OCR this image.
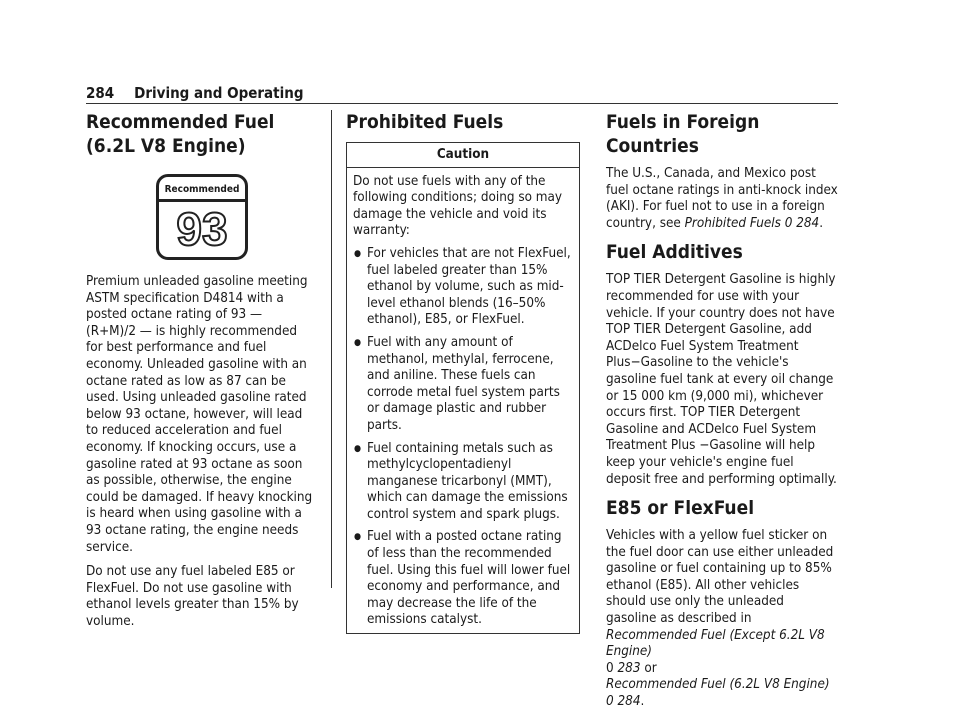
284 Driving and Operating
Recommended Fuel (6.2L V8 Engine)
Recommended
93

Premium unleaded gasoline meeting ASTM specification D4814 with a posted octane rating of 93 — (R+M)/2 — is highly recommended for best performance and fuel economy. Unleaded gasoline with an octane rated as low as 87 can be used. Using unleaded gasoline rated below 93 octane, however, will lead to reduced acceleration and fuel economy. If knocking occurs, use a gasoline rated at 93 octane as soon as possible, otherwise, the engine could be damaged. If heavy knocking is heard when using gasoline with a 93 octane rating, the engine needs service.

Do not use any fuel labeled E85 or FlexFuel. Do not use gasoline with ethanol levels greater than 15% by volume.

Prohibited Fuels
Caution
Do not use fuels with any of the following conditions; doing so may damage the vehicle and void its warranty:
● For vehicles that are not FlexFuel, fuel labeled greater than 15% ethanol by volume, such as mid-level ethanol blends (16–50% ethanol), E85, or FlexFuel.
● Fuel with any amount of methanol, methylal, ferrocene, and aniline. These fuels can corrode metal fuel system parts or damage plastic and rubber parts.
● Fuel containing metals such as methylcyclopentadienyl manganese tricarbonyl (MMT), which can damage the emissions control system and spark plugs.
● Fuel with a posted octane rating of less than the recommended fuel. Using this fuel will lower fuel economy and performance, and may decrease the life of the emissions catalyst.
Fuels in Foreign Countries

The U.S., Canada, and Mexico post fuel octane ratings in anti-knock index (AKI). For fuel not to use in a foreign country, see Prohibited Fuels 0 284.

Fuel Additives

TOP TIER Detergent Gasoline is highly recommended for use with your vehicle. If your country does not have TOP TIER Detergent Gasoline, add ACDelco Fuel System Treatment Plus−Gasoline to the vehicle's gasoline fuel tank at every oil change or 15 000 km (9,000 mi), whichever occurs first. TOP TIER Detergent Gasoline and ACDelco Fuel System Treatment Plus −Gasoline will help keep your vehicle's engine fuel deposit free and performing optimally.

E85 or FlexFuel

Vehicles with a yellow fuel sticker on the fuel door can use either unleaded gasoline or fuel containing up to 85% ethanol (E85). All other vehicles should use only the unleaded gasoline as described in
Recommended Fuel (Except 6.2L V8 Engine)
0 283 or
Recommended Fuel (6.2L V8 Engine) 0 284.
